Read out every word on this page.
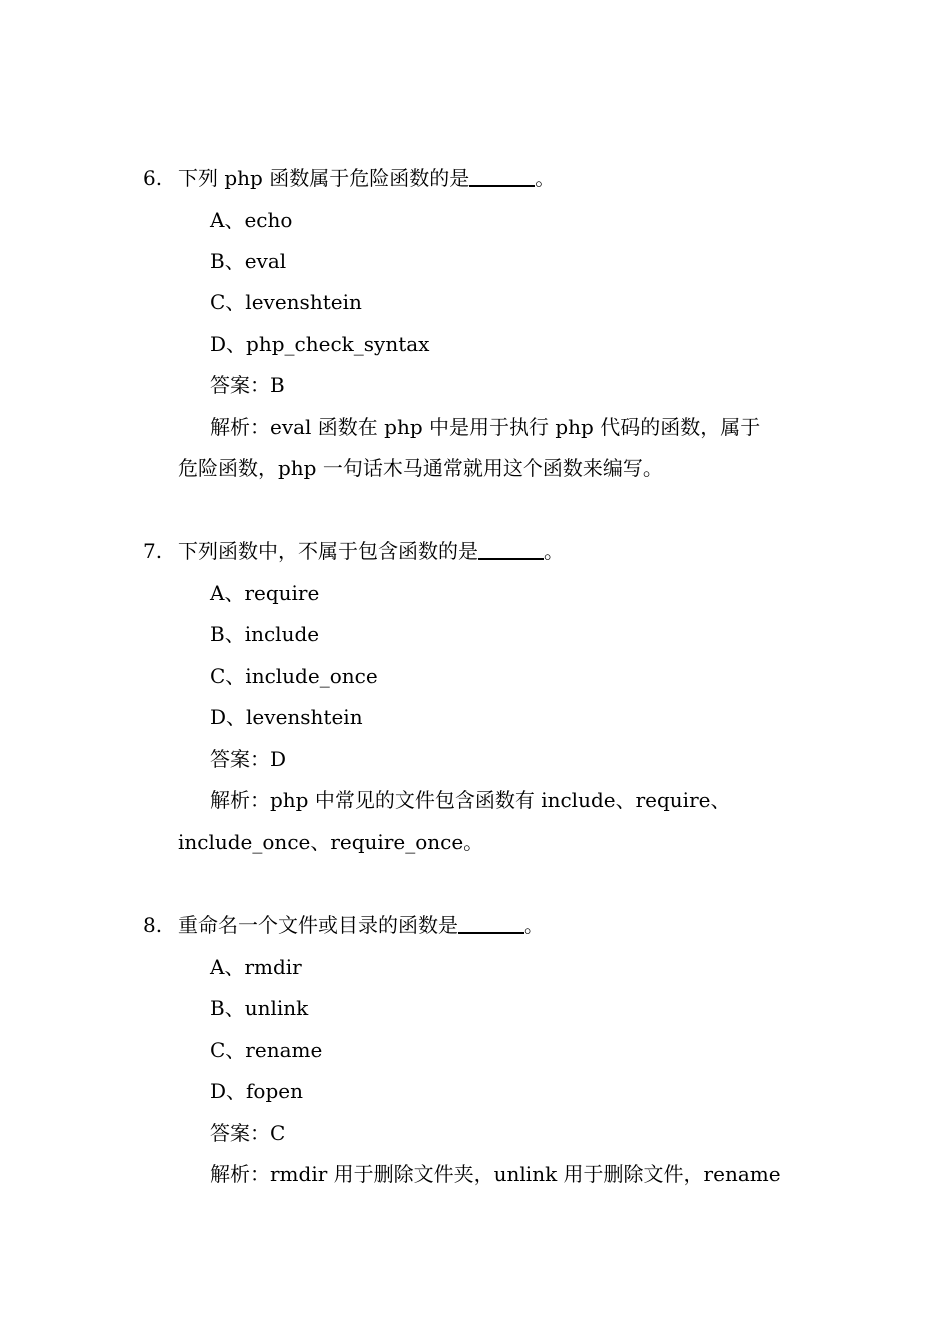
6. 下列 php 函数属于危险函数的是	。
A、echo
B、eval
C、levenshtein
D、php_check_syntax
答案：B
解析：eval 函数在 php 中是用于执行 php 代码的函数，属于
危险函数，php 一句话木马通常就用这个函数来编写。
7. 下列函数中，不属于包含函数的是	。
A、require
B、include
C、include_once
D、levenshtein
答案：D
解析：php 中常见的文件包含函数有 include、require、
include_once、require_once。
8. 重命名一个文件或目录的函数是	。
A、rmdir
B、unlink
C、rename
D、fopen
答案：C
解析：rmdir 用于删除文件夹，unlink 用于删除文件，rename
